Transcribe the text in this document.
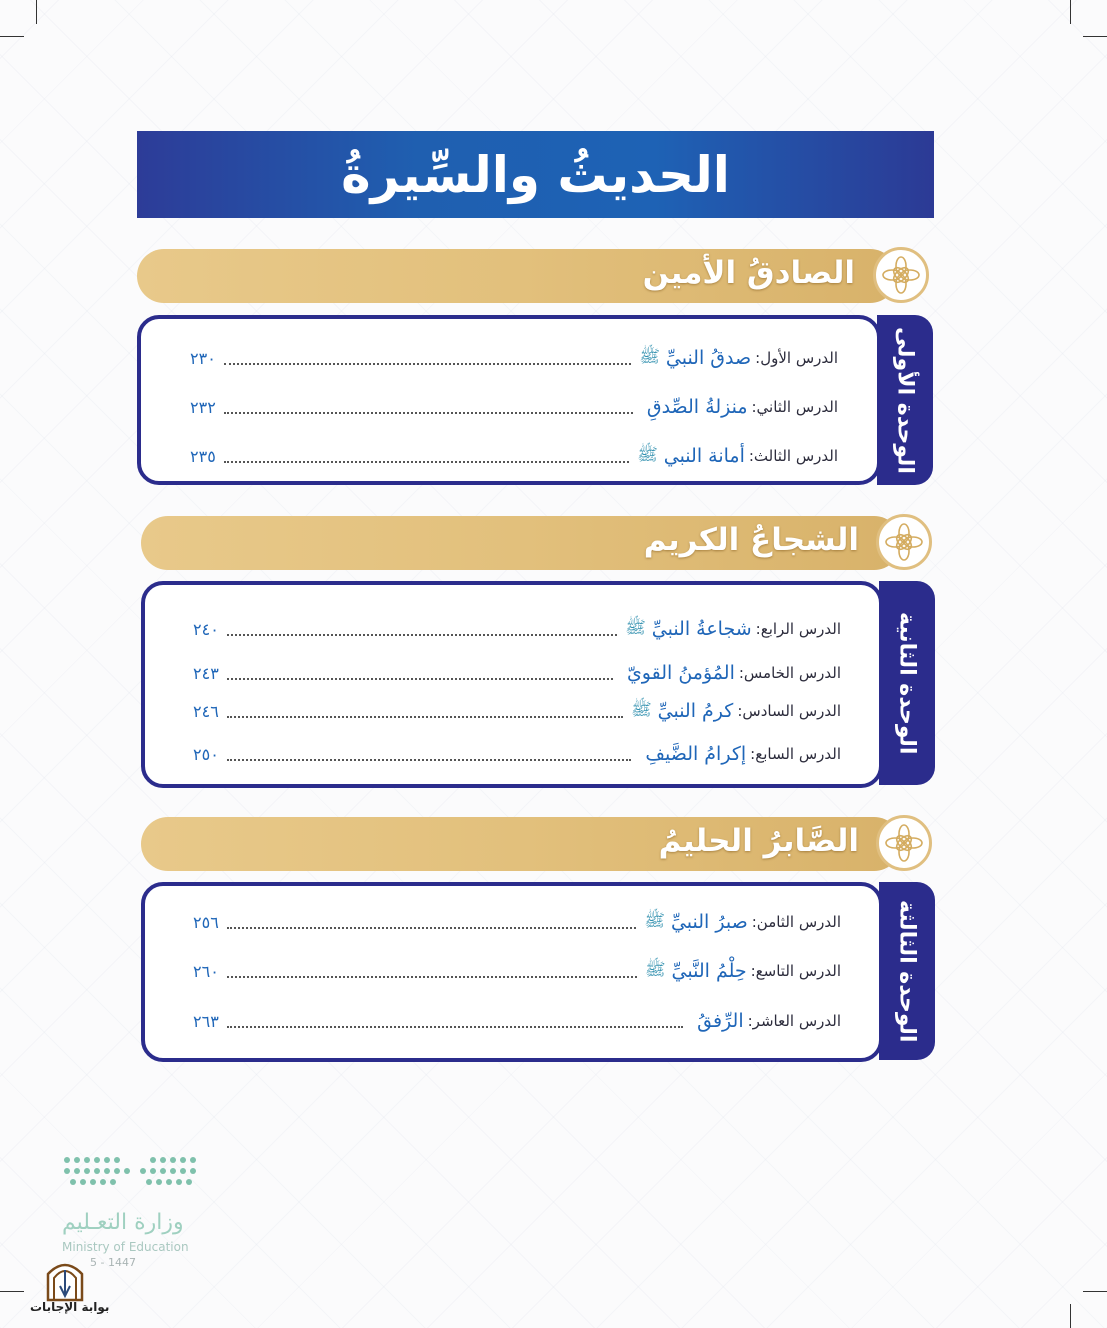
الحديثُ والسِّيرةُ
الصادقُ الأمين
الوحدة الأولى
الدرس الأول:
صدقُ النبيِّ
ﷺ
٢٣٠
الدرس الثاني:
منزلةُ الصِّدقِ
٢٣٢
الدرس الثالث:
أمانة النبي
ﷺ
٢٣٥
الشجاعُ الكريم
الوحدة الثانية
الدرس الرابع:
شجاعةُ النبيِّ
ﷺ
٢٤٠
الدرس الخامس:
المُؤمنُ القويّ
٢٤٣
الدرس السادس:
كرمُ النبيِّ
ﷺ
٢٤٦
الدرس السابع:
إكرامُ الضَّيفِ
٢٥٠
الصَّابرُ الحليمُ
الوحدة الثالثة
الدرس الثامن:
صبرُ النبيِّ
ﷺ
٢٥٦
الدرس التاسع:
حِلْمُ النَّبيِّ
ﷺ
٢٦٠
الدرس العاشر:
الرِّفقُ
٢٦٣
وزارة التعـليم
Ministry of Education
5 - 1447
بوابة الإجابات
